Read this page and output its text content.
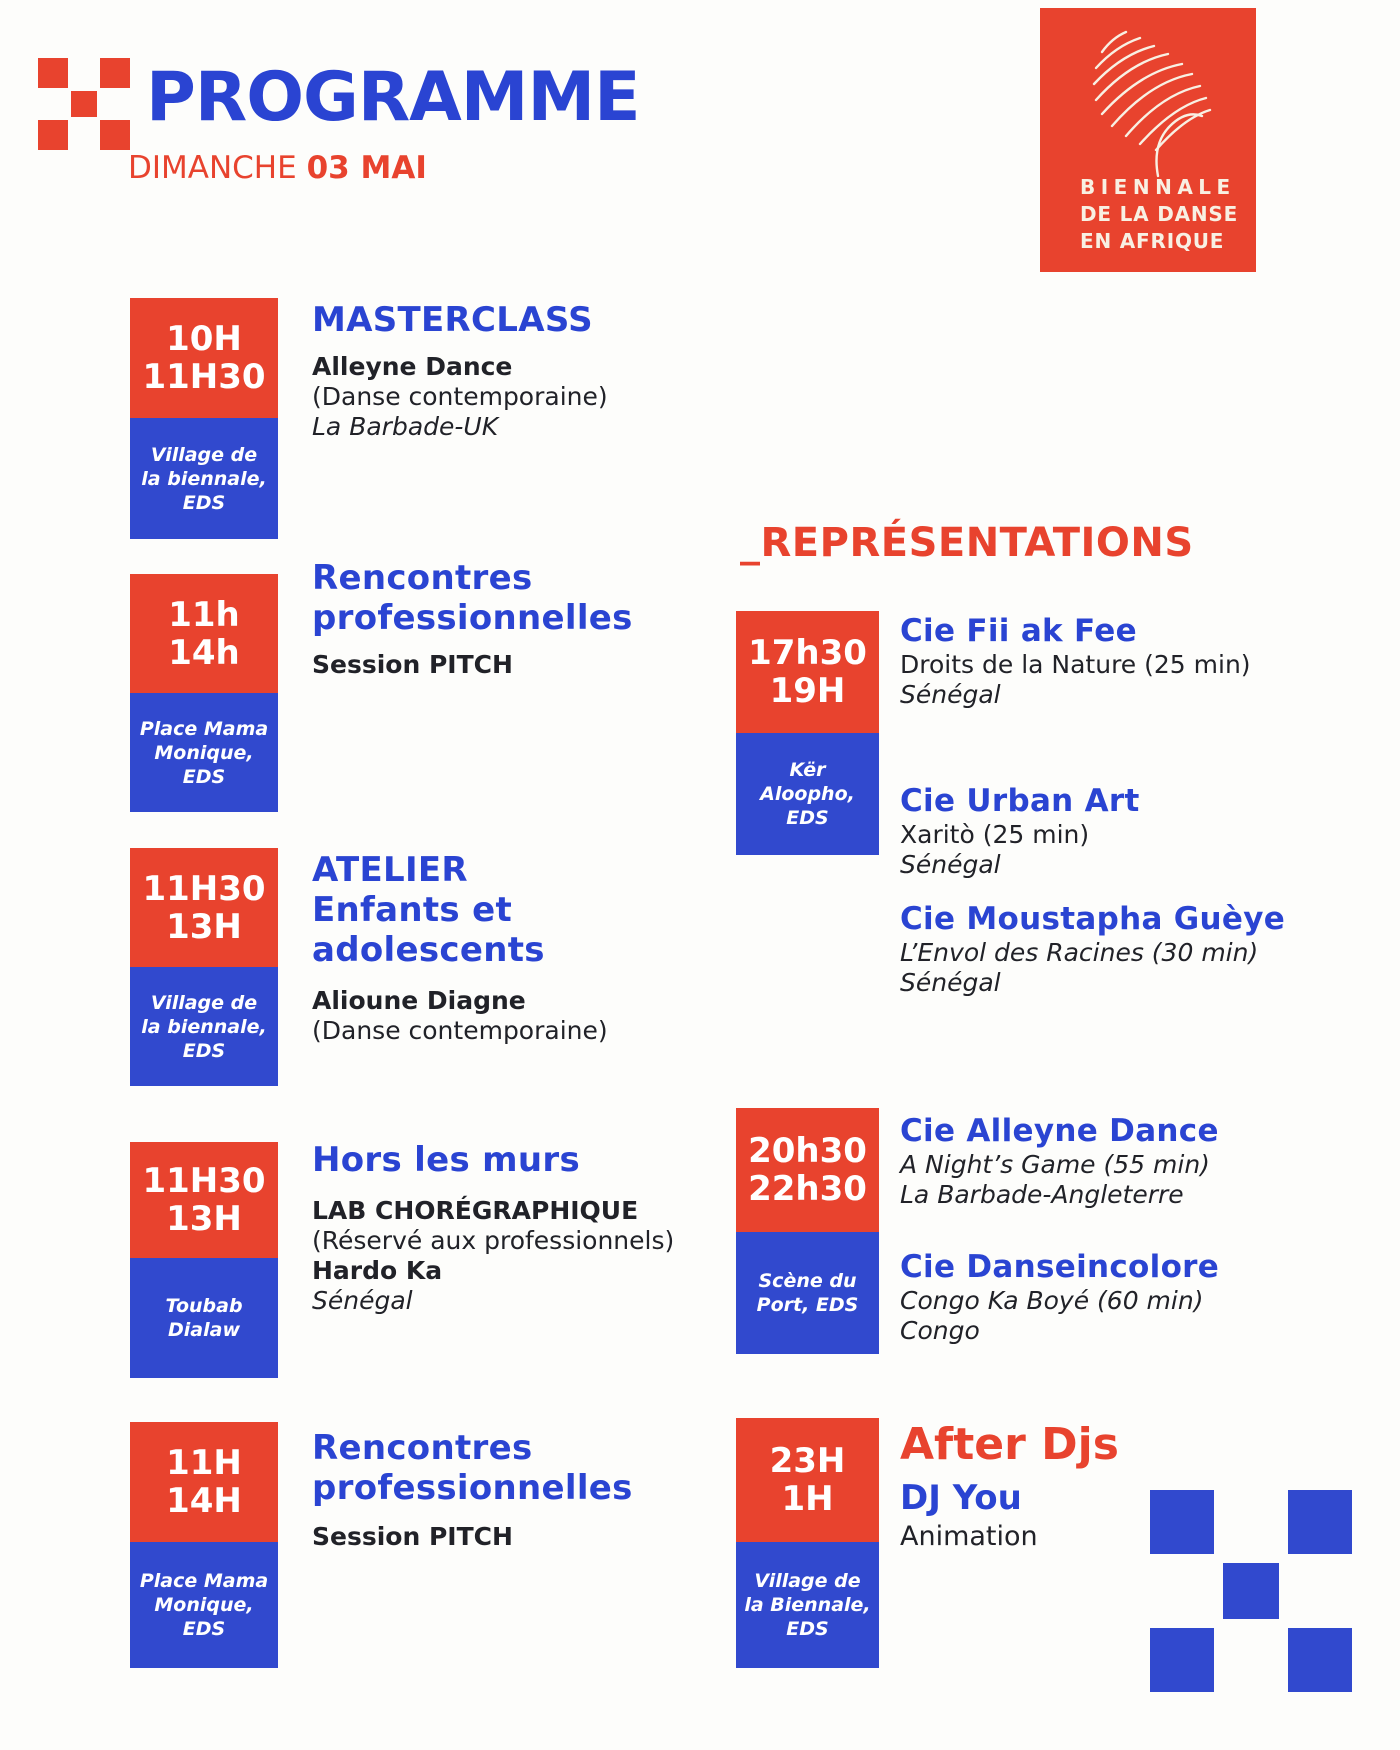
PROGRAMME
DIMANCHE 03 MAI
BIENNALE
DE LA DANSE
EN AFRIQUE
10H
11H30
Village de
la biennale,
EDS
MASTERCLASS
Alleyne Dance
(Danse contemporaine)
La Barbade-UK
11h
14h
Place Mama
Monique,
EDS
Rencontres
professionnelles
Session PITCH
11H30
13H
Village de
la biennale,
EDS
ATELIER
Enfants et
adolescents
Alioune Diagne
(Danse contemporaine)
11H30
13H
Toubab
Dialaw
Hors les murs
LAB CHORÉGRAPHIQUE
(Réservé aux professionnels)
Hardo Ka
Sénégal
11H
14H
Place Mama
Monique,
EDS
Rencontres
professionnelles
Session PITCH
_REPRÉSENTATIONS
17h30
19H
Kër
Aloopho,
EDS
Cie Fii ak Fee
Droits de la Nature (25 min)
Sénégal
Cie Urban Art
Xaritò (25 min)
Sénégal
Cie Moustapha Guèye
L’Envol des Racines (30 min)
Sénégal
20h30
22h30
Scène du
Port, EDS
Cie Alleyne Dance
A Night’s Game (55 min)
La Barbade-Angleterre
Cie Danseincolore
Congo Ka Boyé (60 min)
Congo
23H
1H
Village de
la Biennale,
EDS
After Djs
DJ You
Animation
